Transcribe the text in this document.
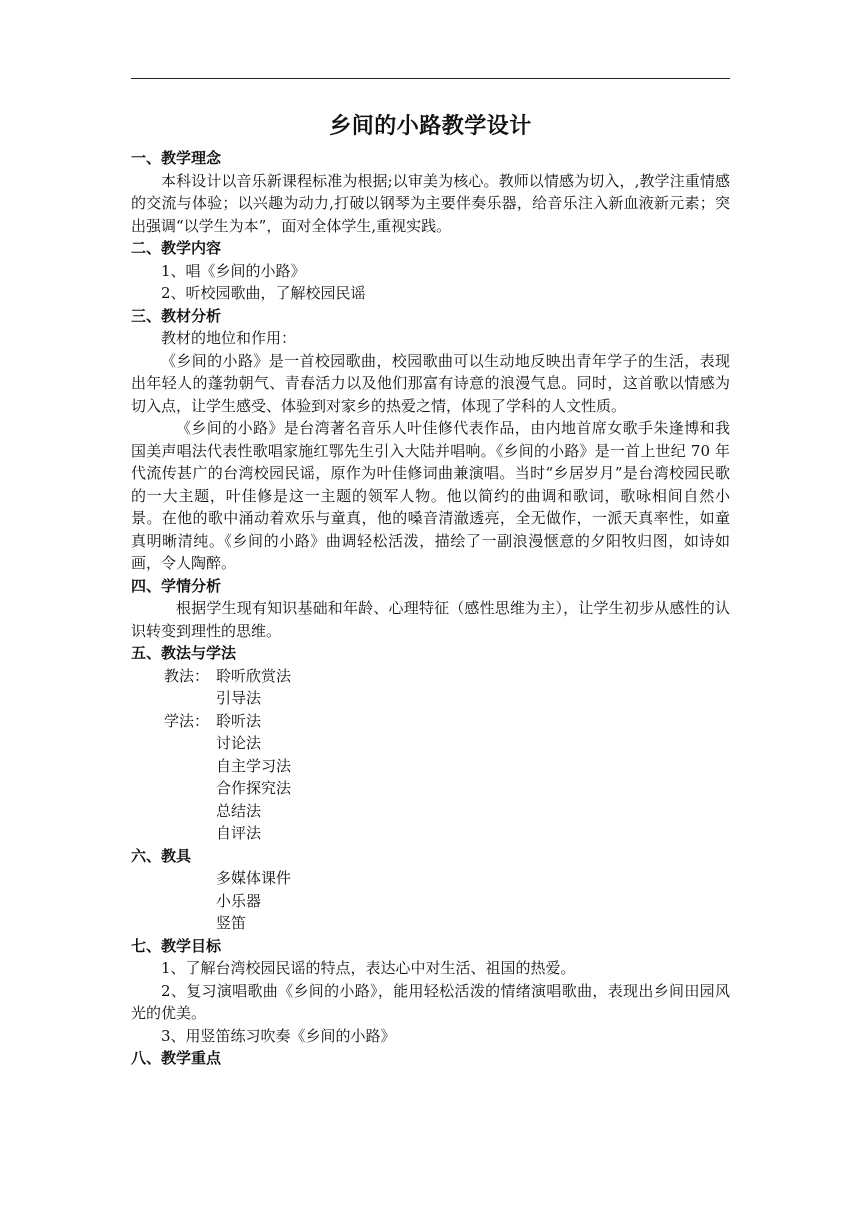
乡间的小路教学设计
一、教学理念
本科设计以音乐新课程标准为根据;以审美为核心。教师以情感为切入，,教学注重情感的交流与体验；以兴趣为动力,打破以钢琴为主要伴奏乐器，给音乐注入新血液新元素；突出强调“以学生为本”，面对全体学生,重视实践。
二、教学内容
1、唱《乡间的小路》
2、听校园歌曲，了解校园民谣
三、教材分析
教材的地位和作用：
《乡间的小路》是一首校园歌曲，校园歌曲可以生动地反映出青年学子的生活，表现出年轻人的蓬勃朝气、青春活力以及他们那富有诗意的浪漫气息。同时，这首歌以情感为切入点，让学生感受、体验到对家乡的热爱之情，体现了学科的人文性质。
《乡间的小路》是台湾著名音乐人叶佳修代表作品，由内地首席女歌手朱逢博和我国美声唱法代表性歌唱家施红鄂先生引入大陆并唱响。《乡间的小路》是一首上世纪 70 年代流传甚广的台湾校园民谣，原作为叶佳修词曲兼演唱。当时“乡居岁月”是台湾校园民歌的一大主题，叶佳修是这一主题的领军人物。他以简约的曲调和歌词，歌咏相间自然小景。在他的歌中涌动着欢乐与童真，他的嗓音清澈透亮，全无做作，一派天真率性，如童真明晰清纯。《乡间的小路》曲调轻松活泼，描绘了一副浪漫惬意的夕阳牧归图，如诗如画，令人陶醉。
四、学情分析
根据学生现有知识基础和年龄、心理特征（感性思维为主），让学生初步从感性的认识转变到理性的思维。
五、教法与学法
教法： 聆听欣赏法
引导法
学法： 聆听法
讨论法
自主学习法
合作探究法
总结法
自评法
六、教具
多媒体课件
小乐器
竖笛
七、教学目标
1、了解台湾校园民谣的特点，表达心中对生活、祖国的热爱。
2、复习演唱歌曲《乡间的小路》，能用轻松活泼的情绪演唱歌曲，表现出乡间田园风光的优美。
3、用竖笛练习吹奏《乡间的小路》
八、教学重点
